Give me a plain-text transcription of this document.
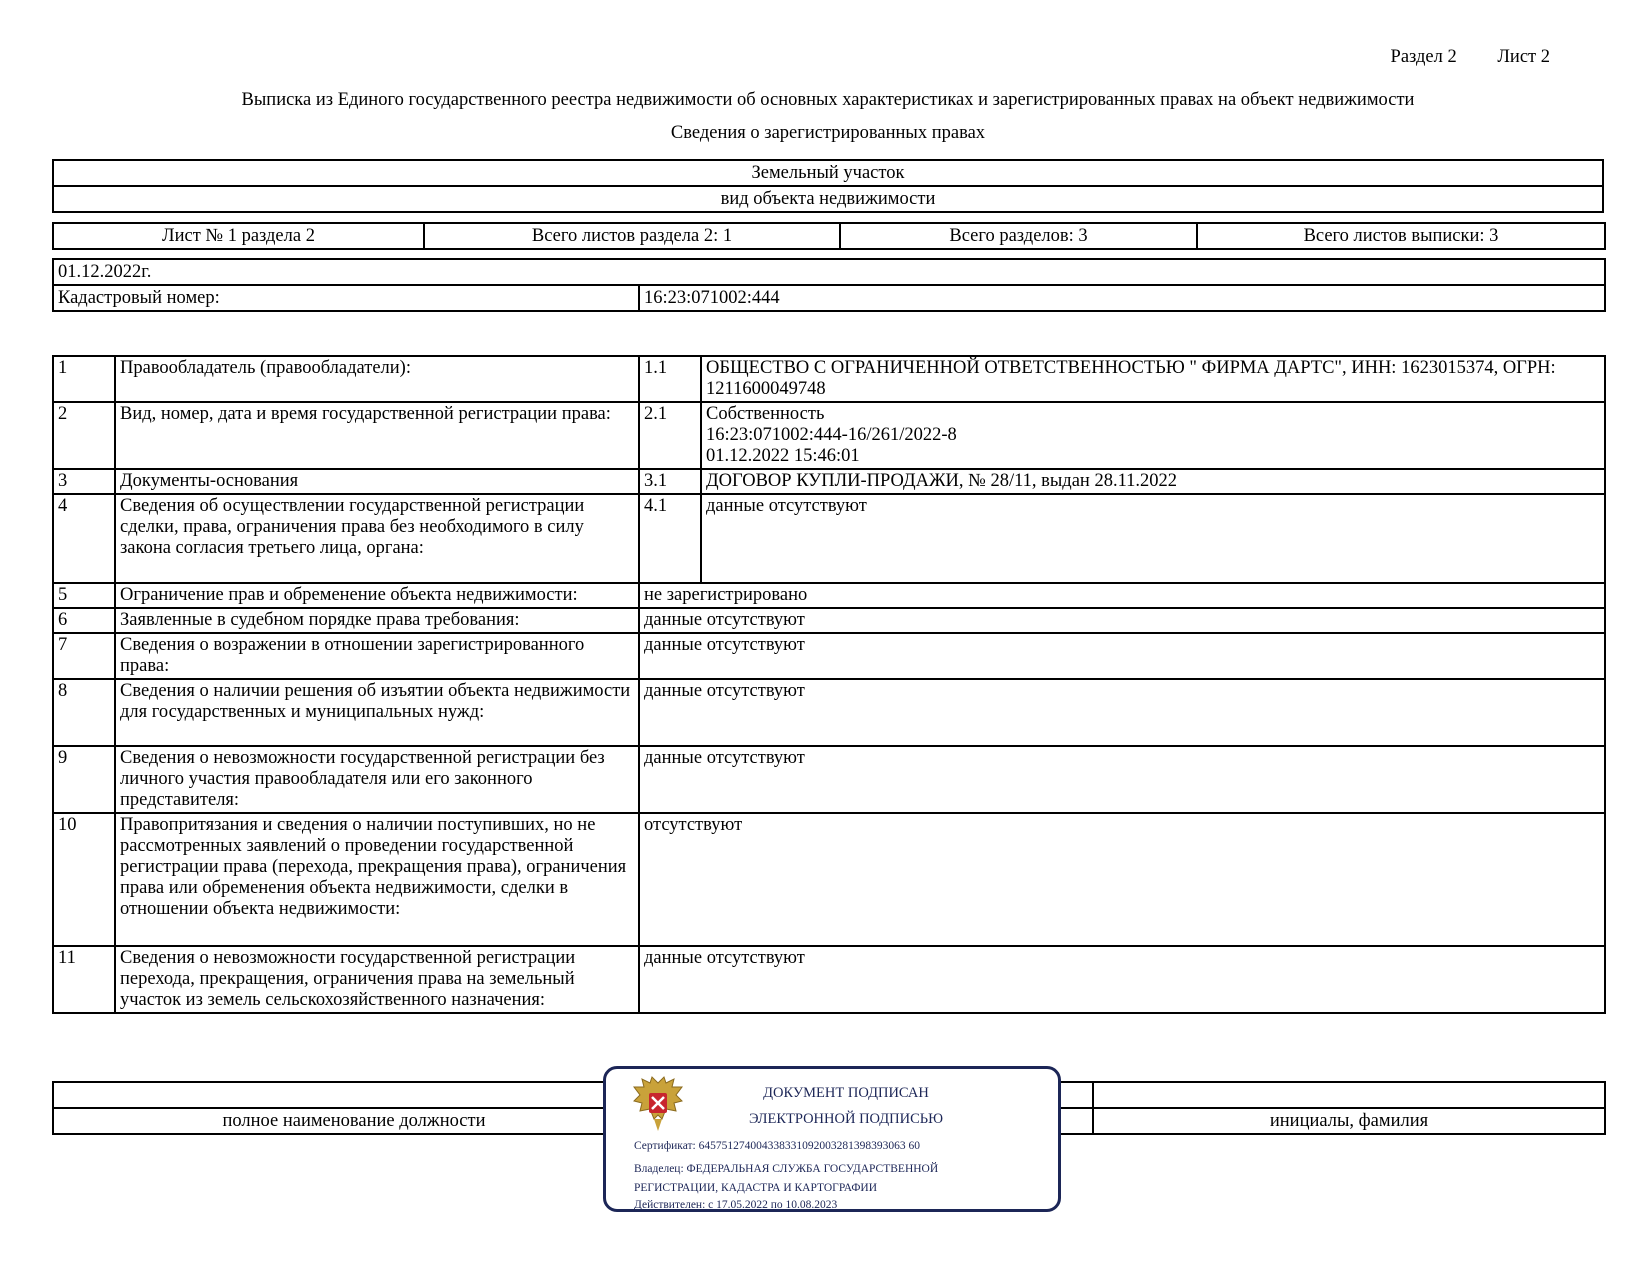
Раздел 2 Лист 2
Выписка из Единого государственного реестра недвижимости об основных характеристиках и зарегистрированных правах на объект недвижимости
Сведения о зарегистрированных правах
Земельный участок
вид объекта недвижимости
Лист № 1 раздела 2	Всего листов раздела 2: 1	Всего разделов: 3	Всего листов выписки: 3
01.12.2022г.
Кадастровый номер:	16:23:071002:444
1	Правообладатель (правообладатели):	1.1	ОБЩЕСТВО С ОГРАНИЧЕННОЙ ОТВЕТСТВЕННОСТЬЮ " ФИРМА ДАРТС", ИНН: 1623015374, ОГРН: 1211600049748
2	Вид, номер, дата и время государственной регистрации права:	2.1	Собственность
16:23:071002:444-16/261/2022-8
01.12.2022 15:46:01
3	Документы-основания	3.1	ДОГОВОР КУПЛИ-ПРОДАЖИ, № 28/11, выдан 28.11.2022
4	Сведения об осуществлении государственной регистрации сделки, права, ограничения права без необходимого в силу закона согласия третьего лица, органа:	4.1	данные отсутствуют
5	Ограничение прав и обременение объекта недвижимости:	не зарегистрировано	
6	Заявленные в судебном порядке права требования:	данные отсутствуют	
7	Сведения о возражении в отношении зарегистрированного права:	данные отсутствуют	
8	Сведения о наличии решения об изъятии объекта недвижимости для государственных и муниципальных нужд:	данные отсутствуют	
9	Сведения о невозможности государственной регистрации без личного участия правообладателя или его законного представителя:	данные отсутствуют	
10	Правопритязания и сведения о наличии поступивших, но не рассмотренных заявлений о проведении государственной регистрации права (перехода, прекращения права), ограничения права или обременения объекта недвижимости, сделки в отношении объекта недвижимости:	отсутствуют	
11	Сведения о невозможности государственной регистрации перехода, прекращения, ограничения права на земельный участок из земель сельскохозяйственного назначения:	данные отсутствуют	

полное наименование должности		инициалы, фамилия
ДОКУМЕНТ ПОДПИСАН
ЭЛЕКТРОННОЙ ПОДПИСЬЮ
Сертификат: 645751274004338331092003281398393063 60
Владелец: ФЕДЕРАЛЬНАЯ СЛУЖБА ГОСУДАРСТВЕННОЙ
РЕГИСТРАЦИИ, КАДАСТРА И КАРТОГРАФИИ
Действителен: с 17.05.2022 по 10.08.2023
